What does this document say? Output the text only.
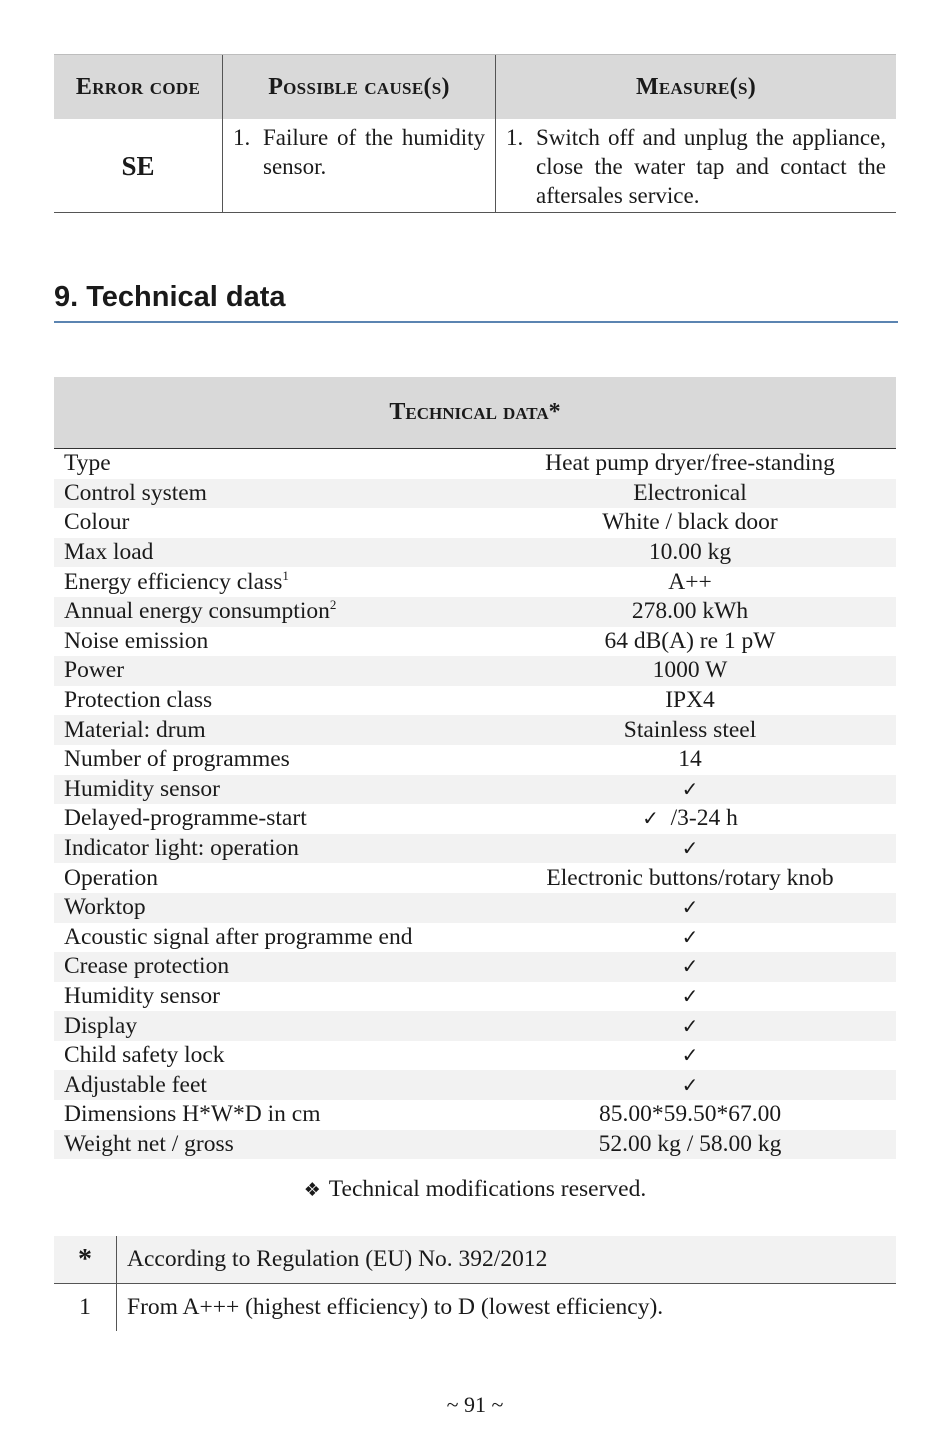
Error code	Possible cause(s)	Measure(s)
SE	1. Failure of the humidity sensor.	1. Switch off and unplug the appliance, close the water tap and contact the aftersales service.
9. Technical data
Technical data*
Type	Heat pump dryer/free-standing
Control system	Electronical
Colour	White / black door
Max load	10.00 kg
Energy efficiency class$^1$	A++
Annual energy consumption$^2$	278.00 kWh
Noise emission	64 dB(A) re 1 pW
Power	1000 W
Protection class	IPX4
Material: drum	Stainless steel
Number of programmes	14
Humidity sensor	✓
Delayed-programme-start	✓  /3-24 h
Indicator light: operation	✓
Operation	Electronic buttons/rotary knob
Worktop	✓
Acoustic signal after programme end	✓
Crease protection	✓
Humidity sensor	✓
Display	✓
Child safety lock	✓
Adjustable feet	✓
Dimensions H*W*D in cm	85.00*59.50*67.00
Weight net / gross	52.00 kg / 58.00 kg
❖ Technical modifications reserved.
*	According to Regulation (EU) No. 392/2012
1	From A+++ (highest efficiency) to D (lowest efficiency).
~ 91 ~
